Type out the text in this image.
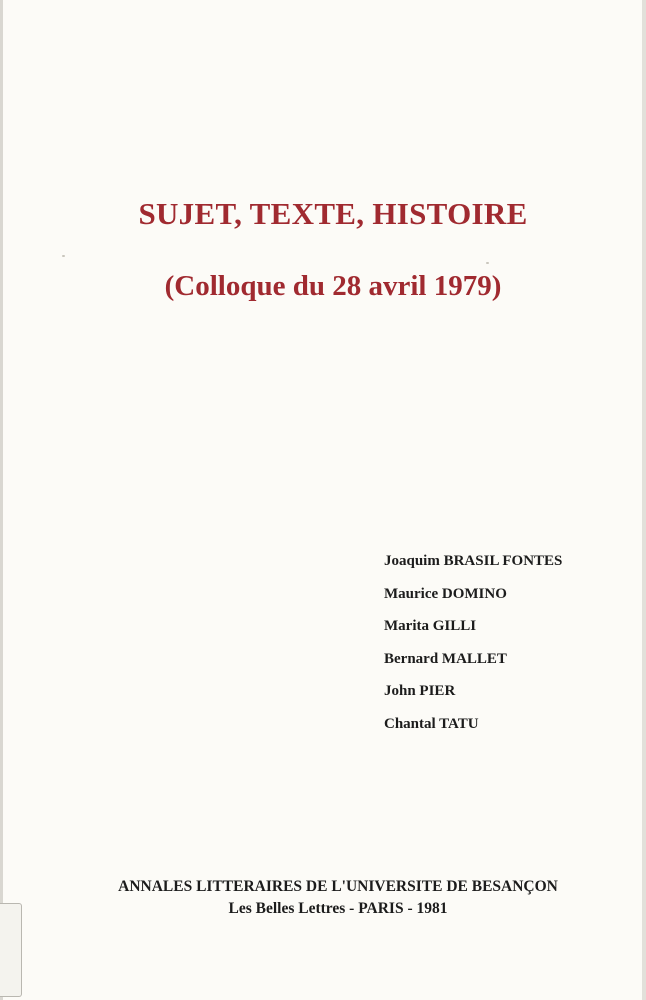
SUJET, TEXTE, HISTOIRE
(Colloque du 28 avril 1979)
Joaquim BRASIL FONTES
Maurice DOMINO
Marita GILLI
Bernard MALLET
John PIER
Chantal TATU
ANNALES LITTERAIRES DE L'UNIVERSITE DE BESANÇON
Les Belles Lettres - PARIS - 1981
